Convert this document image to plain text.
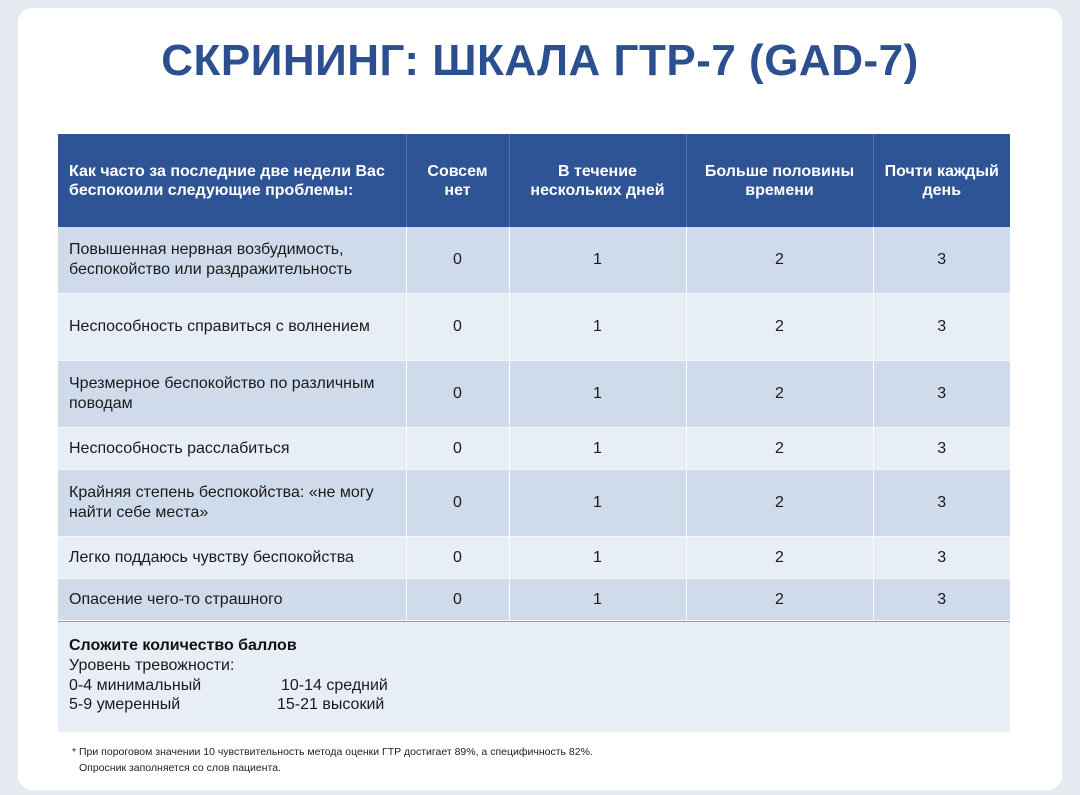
СКРИНИНГ: ШКАЛА ГТР-7 (GAD-7)
Как часто за последние две недели Вас беспокоили следующие проблемы:	Совсем нет	В течение нескольких дней	Больше половины времени	Почти каждый день
Повышенная нервная возбудимость, беспокойство или раздражительность	0	1	2	3
Неспособность справиться с волнением	0	1	2	3
Чрезмерное беспокойство по различным поводам	0	1	2	3
Неспособность расслабиться	0	1	2	3
Крайняя степень беспокойства: «не могу найти себе места»	0	1	2	3
Легко поддаюсь чувству беспокойства	0	1	2	3
Опасение чего-то страшного	0	1	2	3
Сложите количество баллов
Уровень тревожности:
0-4 минимальный
5-9 умеренный
10-14 средний
15-21 высокий
* При пороговом значении 10 чувствительность метода оценки ГТР достигает 89%, а специфичность 82%.
Опросник заполняется со слов пациента.
